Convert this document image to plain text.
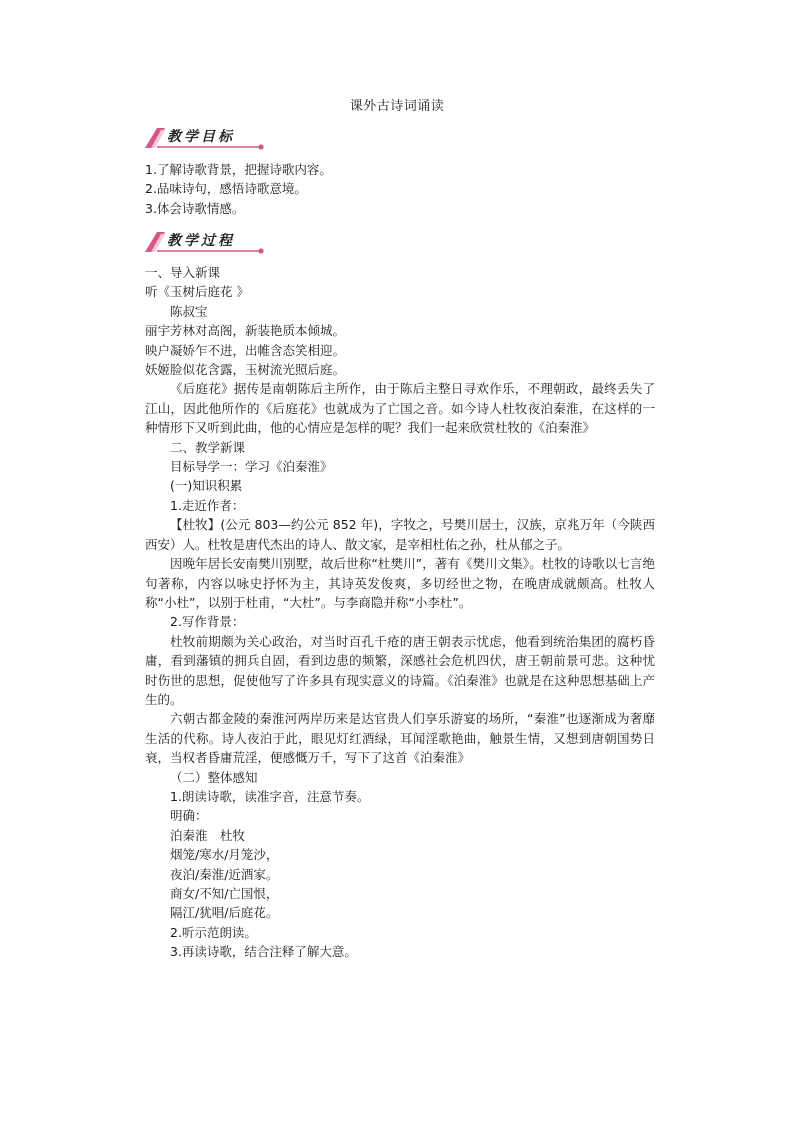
课外古诗词诵读
教学目标

1.了解诗歌背景，把握诗歌内容。

2.品味诗句，感悟诗歌意境。

3.体会诗歌情感。

教学过程

一、导入新课

听《玉树后庭花 》

陈叔宝

丽宇芳林对高阁，新装艳质本倾城。

映户凝娇乍不进，出帷含态笑相迎。

妖姬脸似花含露，玉树流光照后庭。

《后庭花》据传是南朝陈后主所作，由于陈后主整日寻欢作乐，不理朝政，最终丢失了江山，因此他所作的《后庭花》也就成为了亡国之音。如今诗人杜牧夜泊秦淮，在这样的一种情形下又听到此曲，他的心情应是怎样的呢？我们一起来欣赏杜牧的《泊秦淮》

二、教学新课

目标导学一：学习《泊秦淮》

(一)知识积累

1.走近作者：

【杜牧】(公元 803—约公元 852 年)，字牧之，号樊川居士，汉族，京兆万年（今陕西西安）人。杜牧是唐代杰出的诗人、散文家，是宰相杜佑之孙，杜从郁之子。

因晚年居长安南樊川别墅，故后世称“杜樊川”，著有《樊川文集》。杜牧的诗歌以七言绝句著称，内容以咏史抒怀为主，其诗英发俊爽，多切经世之物，在晚唐成就颇高。杜牧人称“小杜”，以别于杜甫，“大杜”。与李商隐并称“小李杜”。

2.写作背景：

杜牧前期颇为关心政治，对当时百孔千疮的唐王朝表示忧虑，他看到统治集团的腐朽昏庸，看到藩镇的拥兵自固，看到边患的频繁，深感社会危机四伏，唐王朝前景可悲。这种忧时伤世的思想，促使他写了许多具有现实意义的诗篇。《泊秦淮》也就是在这种思想基础上产生的。

六朝古都金陵的秦淮河两岸历来是达官贵人们享乐游宴的场所，“秦淮”也逐渐成为奢靡生活的代称。诗人夜泊于此，眼见灯红酒绿，耳闻淫歌艳曲，触景生情，又想到唐朝国势日衰，当权者昏庸荒淫，便感慨万千，写下了这首《泊秦淮》

（二）整体感知

1.朗读诗歌，读准字音，注意节奏。

明确：

泊秦淮　杜牧

烟笼/寒水/月笼沙，

夜泊/秦淮/近酒家。

商女/不知/亡国恨，

隔江/犹唱/后庭花。

2.听示范朗读。

3.再读诗歌，结合注释了解大意。
